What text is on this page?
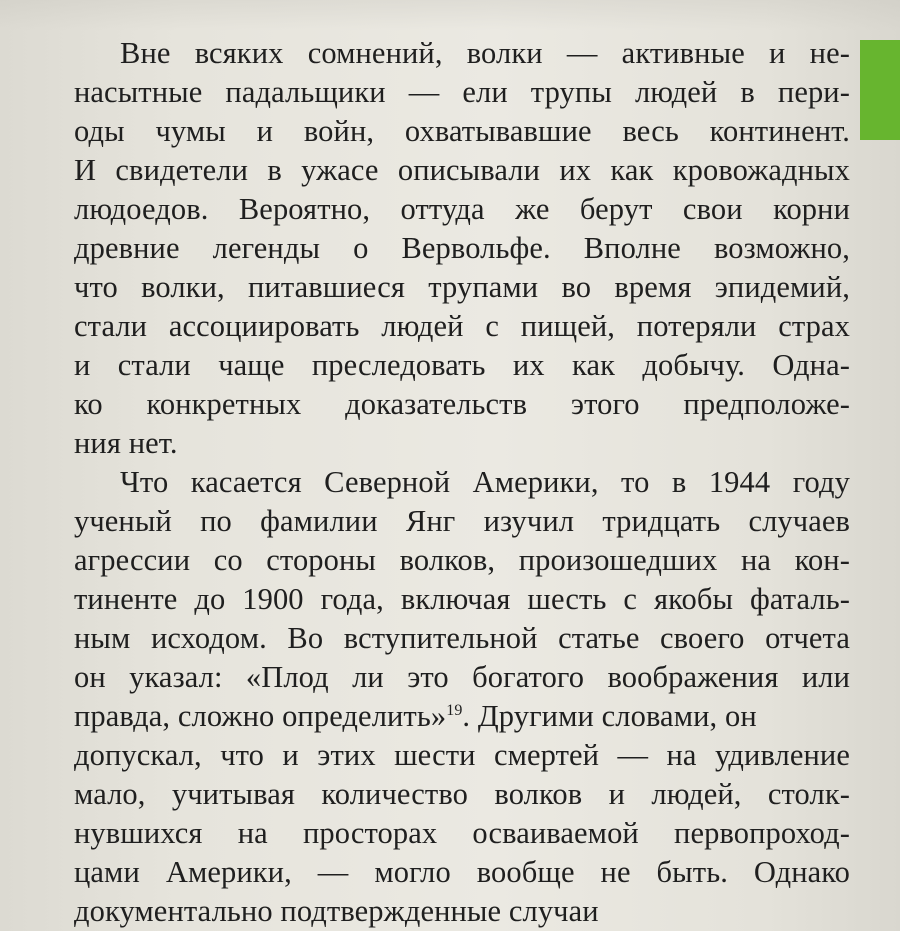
Вне всяких сомнений, волки — активные и не-
насытные падальщики — ели трупы людей в пери-
оды чумы и войн, охватывавшие весь континент.
И свидетели в ужасе описывали их как кровожадных
людоедов. Вероятно, оттуда же берут свои корни
древние легенды о Вервольфе. Вполне возможно,
что волки, питавшиеся трупами во время эпидемий,
стали ассоциировать людей с пищей, потеряли страх
и стали чаще преследовать их как добычу. Одна-
ко конкретных доказательств этого предположе-
ния нет.
Что касается Северной Америки, то в 1944 году
ученый по фамилии Янг изучил тридцать случаев
агрессии со стороны волков, произошедших на кон-
тиненте до 1900 года, включая шесть с якобы фаталь-
ным исходом. Во вступительной статье своего отчета
он указал: «Плод ли это богатого воображения или
правда, сложно определить»$^{19}$. Другими словами, он
допускал, что и этих шести смертей — на удивление
мало, учитывая количество волков и людей, столк-
нувшихся на просторах осваиваемой первопроход-
цами Америки, — могло вообще не быть. Однако
документально подтвержденные случаи
